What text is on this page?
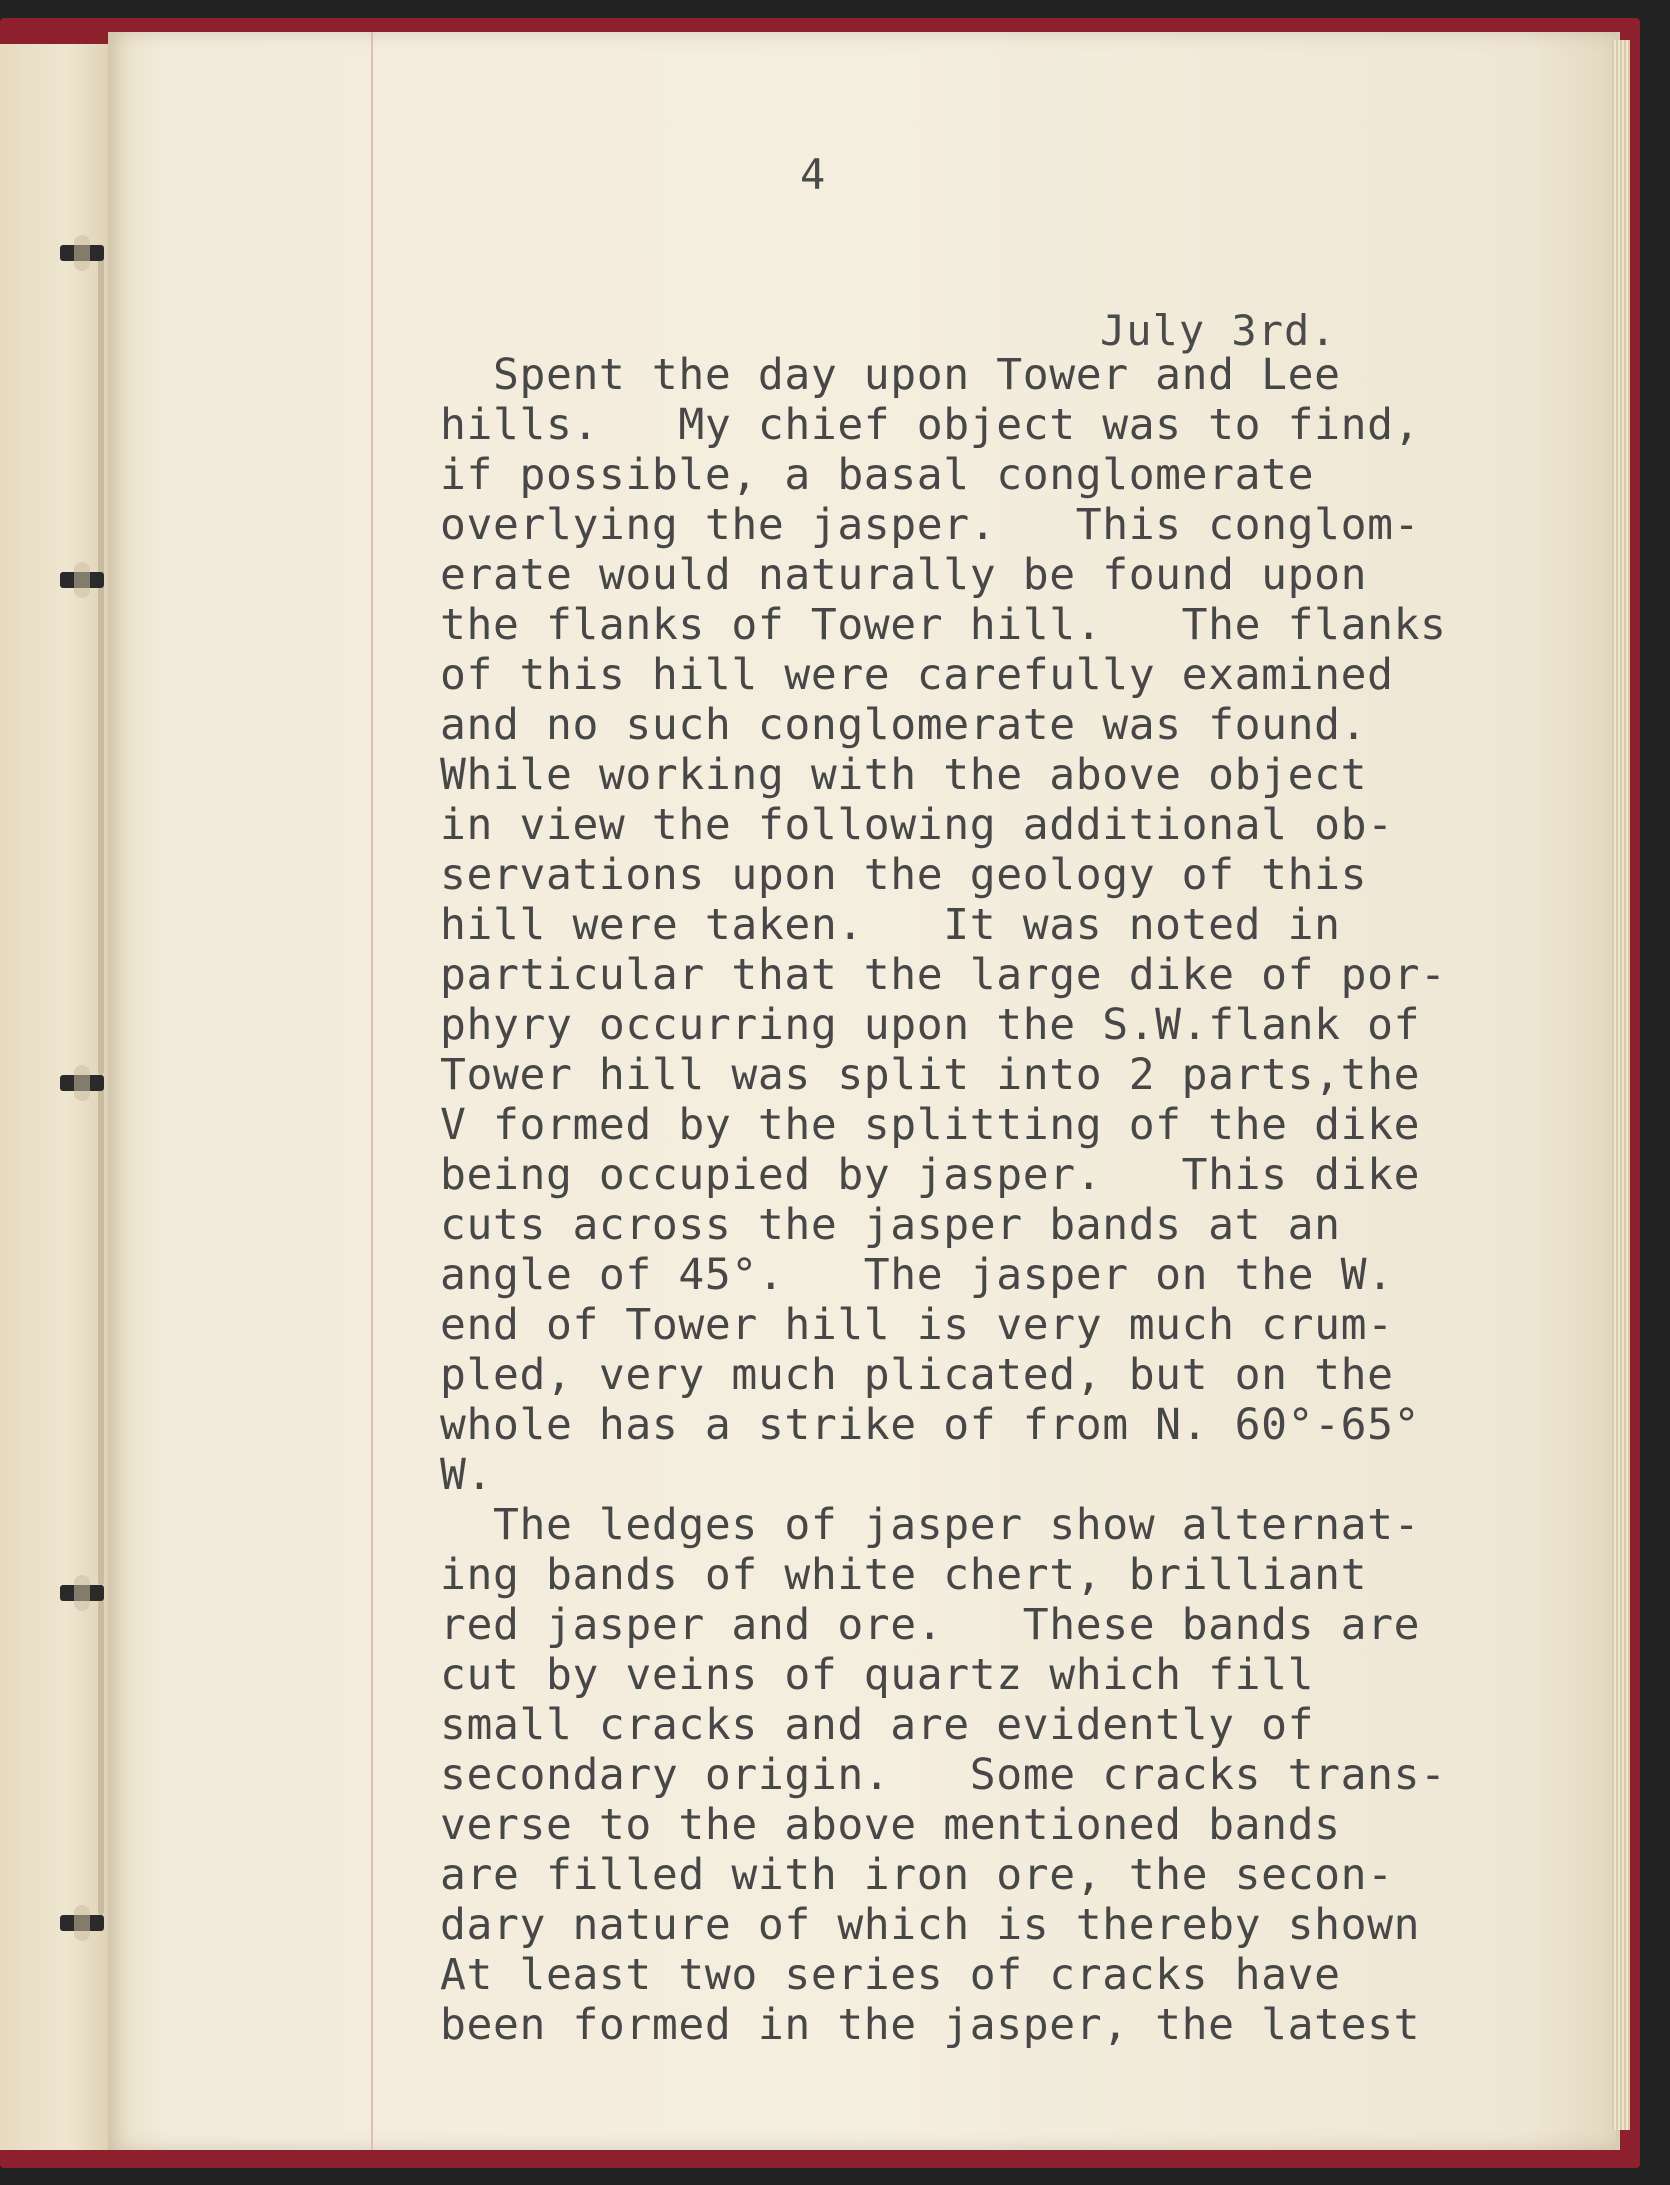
4
July 3rd.
Spent the day upon Tower and Lee
hills.   My chief object was to find,
if possible, a basal conglomerate
overlying the jasper.   This conglom-
erate would naturally be found upon
the flanks of Tower hill.   The flanks
of this hill were carefully examined
and no such conglomerate was found.
While working with the above object
in view the following additional ob-
servations upon the geology of this
hill were taken.   It was noted in
particular that the large dike of por-
phyry occurring upon the S.W.flank of
Tower hill was split into 2 parts,the
V formed by the splitting of the dike
being occupied by jasper.   This dike
cuts across the jasper bands at an
angle of 45°.   The jasper on the W.
end of Tower hill is very much crum-
pled, very much plicated, but on the
whole has a strike of from N. 60°-65°
W.
The ledges of jasper show alternat-
ing bands of white chert, brilliant
red jasper and ore.   These bands are
cut by veins of quartz which fill
small cracks and are evidently of
secondary origin.   Some cracks trans-
verse to the above mentioned bands
are filled with iron ore, the secon-
dary nature of which is thereby shown
At least two series of cracks have
been formed in the jasper, the latest
